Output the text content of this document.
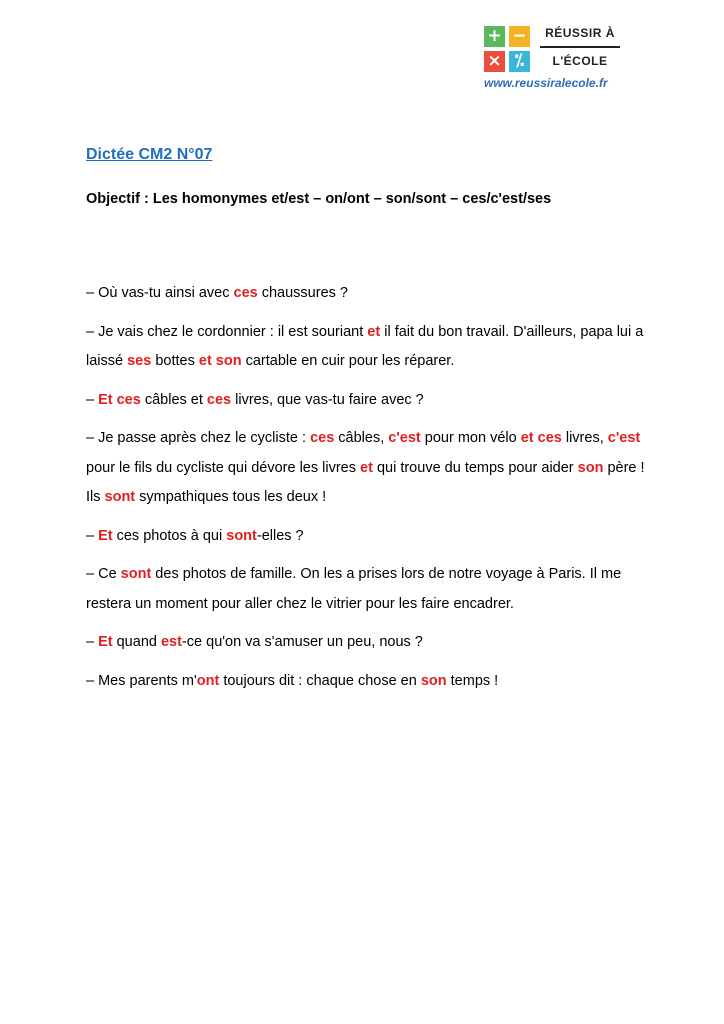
+ −
× ⁒
RÉUSSIR À
L'ÉCOLE
www.reussiralecole.fr
Dictée CM2 N°07

Objectif : Les homonymes et/est – on/ont – son/sont – ces/c'est/ses

– Où vas-tu ainsi avec ces chaussures ?

– Je vais chez le cordonnier : il est souriant et il fait du bon travail. D'ailleurs, papa lui a laissé ses bottes et son cartable en cuir pour les réparer.

– Et ces câbles et ces livres, que vas-tu faire avec ?

– Je passe après chez le cycliste : ces câbles, c'est pour mon vélo et ces livres, c'est pour le fils du cycliste qui dévore les livres et qui trouve du temps pour aider son père ! Ils sont sympathiques tous les deux !

– Et ces photos à qui sont-elles ?

– Ce sont des photos de famille. On les a prises lors de notre voyage à Paris. Il me restera un moment pour aller chez le vitrier pour les faire encadrer.

– Et quand est-ce qu'on va s'amuser un peu, nous ?

– Mes parents m'ont toujours dit : chaque chose en son temps !
